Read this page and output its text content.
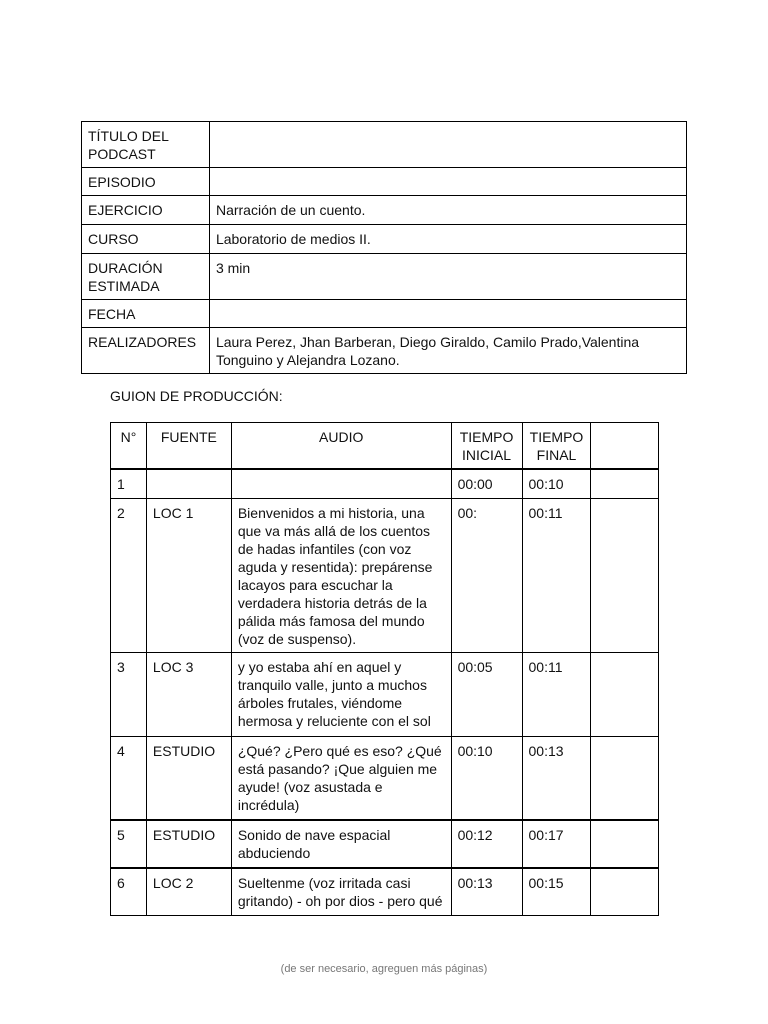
TÍTULO DEL PODCAST	
EPISODIO	
EJERCICIO	Narración de un cuento.
CURSO	Laboratorio de medios II.
DURACIÓN ESTIMADA	3 min
FECHA	
REALIZADORES	Laura Perez, Jhan Barberan, Diego Giraldo, Camilo Prado,Valentina Tonguino y Alejandra Lozano.
GUION DE PRODUCCIÓN:
N°	FUENTE	AUDIO	TIEMPO INICIAL	TIEMPO FINAL	
1			00:00	00:10	
2	LOC 1	Bienvenidos a mi historia, una que va más allá de los cuentos de hadas infantiles (con voz aguda y resentida): prepárense lacayos para escuchar la verdadera historia detrás de la pálida más famosa del mundo (voz de suspenso).	00:	00:11	
3	LOC 3	y yo estaba ahí en aquel y tranquilo valle, junto a muchos árboles frutales, viéndome hermosa y reluciente con el sol	00:05	00:11	
4	ESTUDIO	¿Qué? ¿Pero qué es eso? ¿Qué está pasando? ¡Que alguien me ayude! (voz asustada e incrédula)	00:10	00:13	
5	ESTUDIO	Sonido de nave espacial abduciendo	00:12	00:17	
6	LOC 2	Sueltenme (voz irritada casi gritando) - oh por dios - pero qué	00:13	00:15	
(de ser necesario, agreguen más páginas)
